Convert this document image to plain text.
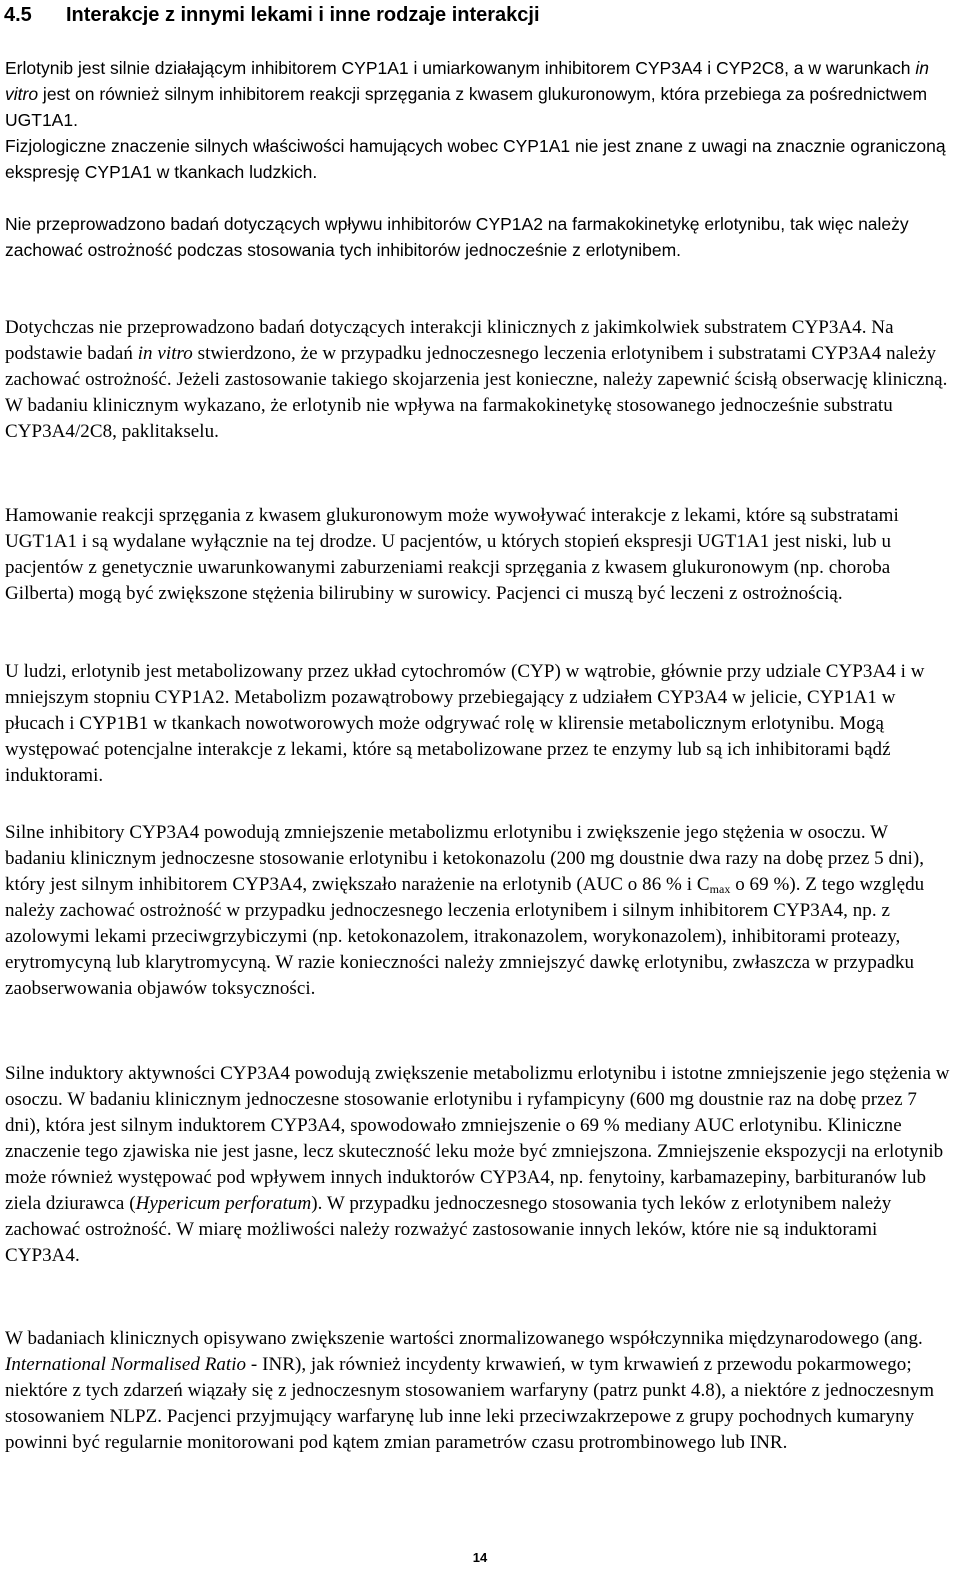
4.5 Interakcje z innymi lekami i inne rodzaje interakcji

Erlotynib jest silnie działającym inhibitorem CYP1A1 i umiarkowanym inhibitorem CYP3A4 i CYP2C8, a w warunkach in vitro jest on również silnym inhibitorem reakcji sprzęgania z kwasem glukuronowym, która przebiega za pośrednictwem UGT1A1.
Fizjologiczne znaczenie silnych właściwości hamujących wobec CYP1A1 nie jest znane z uwagi na znacznie ograniczoną ekspresję CYP1A1 w tkankach ludzkich.

Nie przeprowadzono badań dotyczących wpływu inhibitorów CYP1A2 na farmakokinetykę erlotynibu, tak więc należy zachować ostrożność podczas stosowania tych inhibitorów jednocześnie z erlotynibem.

Dotychczas nie przeprowadzono badań dotyczących interakcji klinicznych z jakimkolwiek substratem CYP3A4. Na podstawie badań in vitro stwierdzono, że w przypadku jednoczesnego leczenia erlotynibem i substratami CYP3A4 należy zachować ostrożność. Jeżeli zastosowanie takiego skojarzenia jest konieczne, należy zapewnić ścisłą obserwację kliniczną. W badaniu klinicznym wykazano, że erlotynib nie wpływa na farmakokinetykę stosowanego jednocześnie substratu CYP3A4/2C8, paklitakselu.

Hamowanie reakcji sprzęgania z kwasem glukuronowym może wywoływać interakcje z lekami, które są substratami UGT1A1 i są wydalane wyłącznie na tej drodze. U pacjentów, u których stopień ekspresji UGT1A1 jest niski, lub u pacjentów z genetycznie uwarunkowanymi zaburzeniami reakcji sprzęgania z kwasem glukuronowym (np. choroba Gilberta) mogą być zwiększone stężenia bilirubiny w surowicy. Pacjenci ci muszą być leczeni z ostrożnością.

U ludzi, erlotynib jest metabolizowany przez układ cytochromów (CYP) w wątrobie, głównie przy udziale CYP3A4 i w mniejszym stopniu CYP1A2. Metabolizm pozawątrobowy przebiegający z udziałem CYP3A4 w jelicie, CYP1A1 w płucach i CYP1B1 w tkankach nowotworowych może odgrywać rolę w klirensie metabolicznym erlotynibu. Mogą występować potencjalne interakcje z lekami, które są metabolizowane przez te enzymy lub są ich inhibitorami bądź induktorami.

Silne inhibitory CYP3A4 powodują zmniejszenie metabolizmu erlotynibu i zwiększenie jego stężenia w osoczu. W badaniu klinicznym jednoczesne stosowanie erlotynibu i ketokonazolu (200 mg doustnie dwa razy na dobę przez 5 dni), który jest silnym inhibitorem CYP3A4, zwiększało narażenie na erlotynib (AUC o 86 % i $C_{max}$ o 69 %). Z tego względu należy zachować ostrożność w przypadku jednoczesnego leczenia erlotynibem i silnym inhibitorem CYP3A4, np. z azolowymi lekami przeciwgrzybiczymi (np. ketokonazolem, itrakonazolem, worykonazolem), inhibitorami proteazy, erytromycyną lub klarytromycyną. W razie konieczności należy zmniejszyć dawkę erlotynibu, zwłaszcza w przypadku zaobserwowania objawów toksyczności.

Silne induktory aktywności CYP3A4 powodują zwiększenie metabolizmu erlotynibu i istotne zmniejszenie jego stężenia w osoczu. W badaniu klinicznym jednoczesne stosowanie erlotynibu i ryfampicyny (600 mg doustnie raz na dobę przez 7 dni), która jest silnym induktorem CYP3A4, spowodowało zmniejszenie o 69 % mediany AUC erlotynibu. Kliniczne znaczenie tego zjawiska nie jest jasne, lecz skuteczność leku może być zmniejszona. Zmniejszenie ekspozycji na erlotynib może również występować pod wpływem innych induktorów CYP3A4, np. fenytoiny, karbamazepiny, barbituranów lub ziela dziurawca (Hypericum perforatum). W przypadku jednoczesnego stosowania tych leków z erlotynibem należy zachować ostrożność. W miarę możliwości należy rozważyć zastosowanie innych leków, które nie są induktorami CYP3A4.

W badaniach klinicznych opisywano zwiększenie wartości znormalizowanego współczynnika międzynarodowego (ang. International Normalised Ratio - INR), jak również incydenty krwawień, w tym krwawień z przewodu pokarmowego; niektóre z tych zdarzeń wiązały się z jednoczesnym stosowaniem warfaryny (patrz punkt 4.8), a niektóre z jednoczesnym stosowaniem NLPZ. Pacjenci przyjmujący warfarynę lub inne leki przeciwzakrzepowe z grupy pochodnych kumaryny powinni być regularnie monitorowani pod kątem zmian parametrów czasu protrombinowego lub INR.

14
